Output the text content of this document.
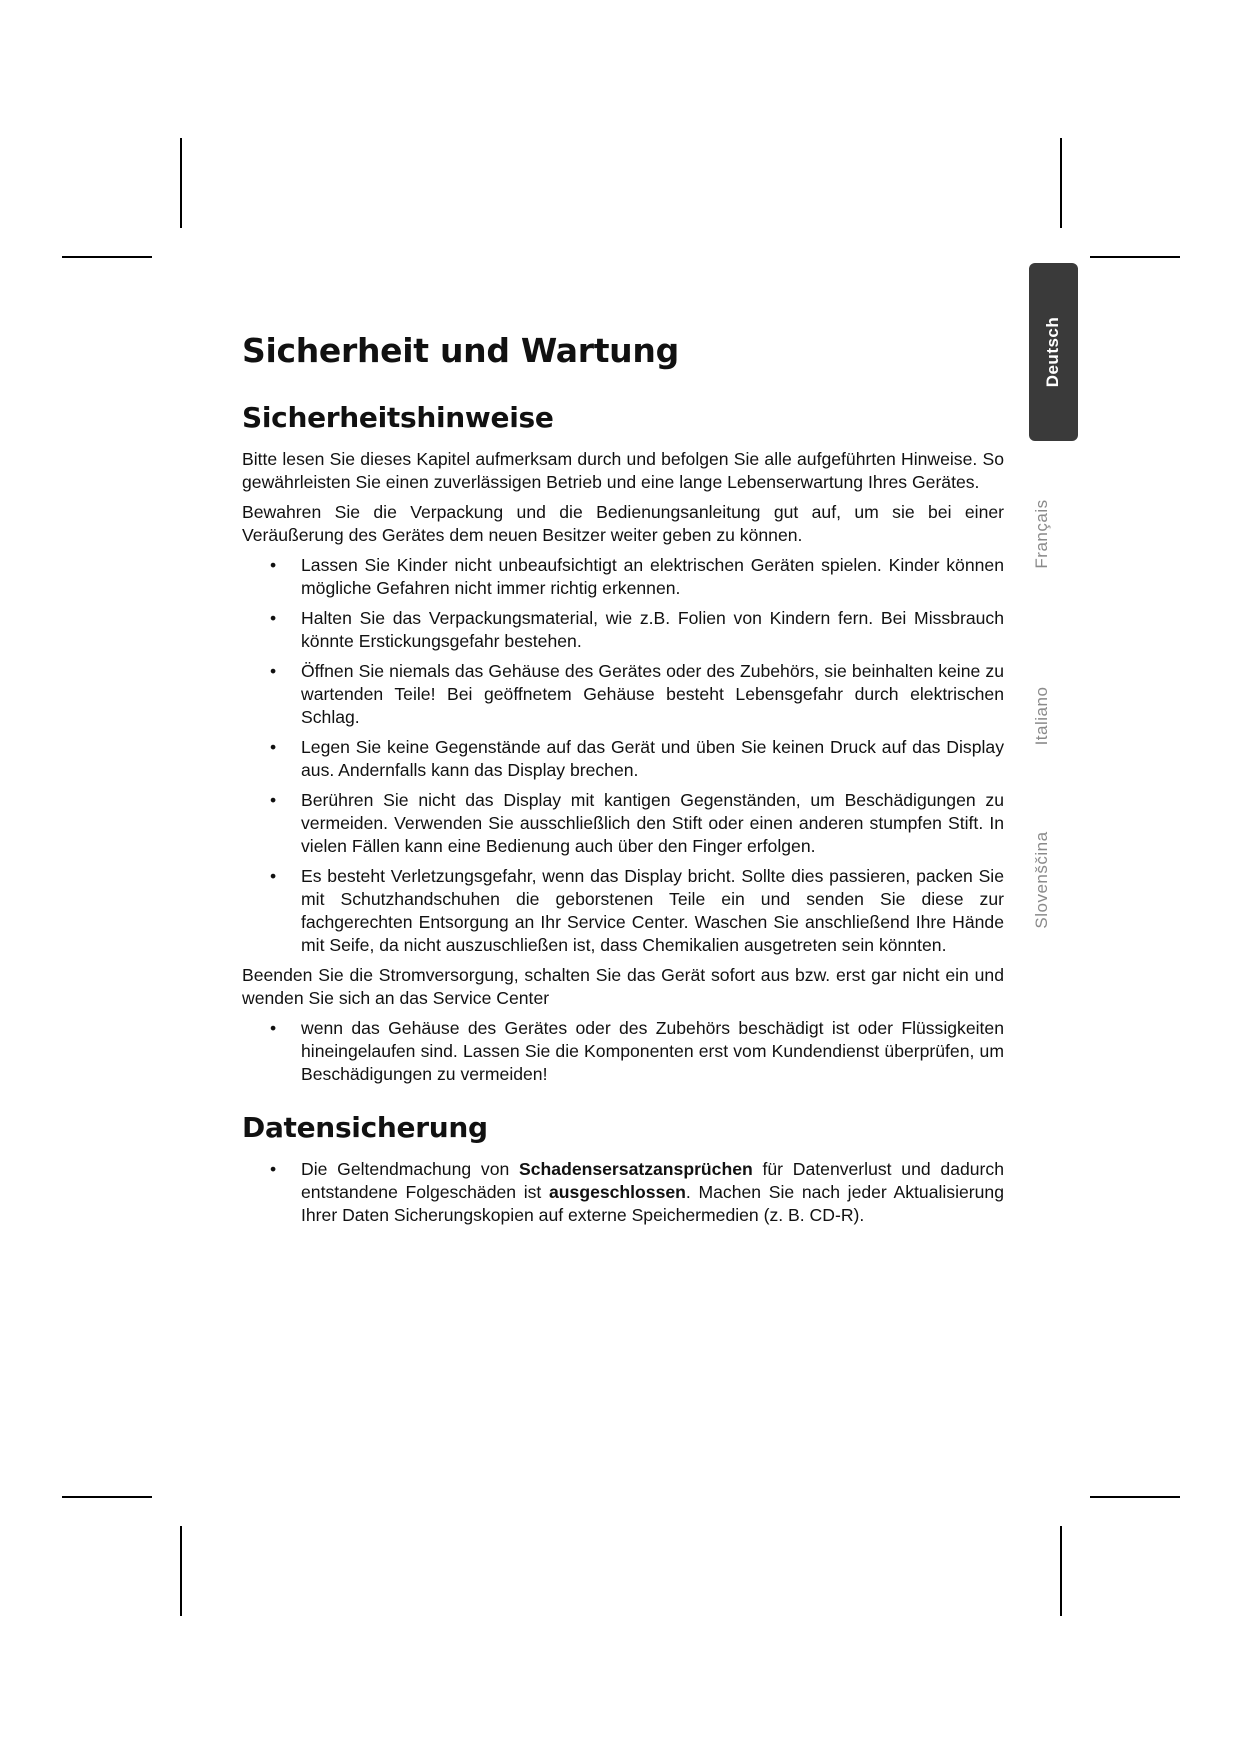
Deutsch
Français
Italiano
Slovenščina
Sicherheit und Wartung
Sicherheitshinweise

Bitte lesen Sie dieses Kapitel aufmerksam durch und befolgen Sie alle aufgeführten Hinweise. So gewährleisten Sie einen zuverlässigen Betrieb und eine lange Lebenserwartung Ihres Gerätes.

Bewahren Sie die Verpackung und die Bedienungsanleitung gut auf, um sie bei einer Veräußerung des Gerätes dem neuen Besitzer weiter geben zu können.

• Lassen Sie Kinder nicht unbeaufsichtigt an elektrischen Geräten spielen. Kinder können mögliche Gefahren nicht immer richtig erkennen.
• Halten Sie das Verpackungsmaterial, wie z.B. Folien von Kindern fern. Bei Missbrauch könnte Erstickungsgefahr bestehen.
• Öffnen Sie niemals das Gehäuse des Gerätes oder des Zubehörs, sie beinhalten keine zu wartenden Teile! Bei geöffnetem Gehäuse besteht Lebensgefahr durch elektrischen Schlag.
• Legen Sie keine Gegenstände auf das Gerät und üben Sie keinen Druck auf das Display aus. Andernfalls kann das Display brechen.
• Berühren Sie nicht das Display mit kantigen Gegenständen, um Beschädigungen zu vermeiden. Verwenden Sie ausschließlich den Stift oder einen anderen stumpfen Stift. In vielen Fällen kann eine Bedienung auch über den Finger erfolgen.
• Es besteht Verletzungsgefahr, wenn das Display bricht. Sollte dies passieren, packen Sie mit Schutzhandschuhen die geborstenen Teile ein und senden Sie diese zur fachgerechten Entsorgung an Ihr Service Center. Waschen Sie anschließend Ihre Hände mit Seife, da nicht auszuschließen ist, dass Chemikalien ausgetreten sein könnten.

Beenden Sie die Stromversorgung, schalten Sie das Gerät sofort aus bzw. erst gar nicht ein und wenden Sie sich an das Service Center

• wenn das Gehäuse des Gerätes oder des Zubehörs beschädigt ist oder Flüssigkeiten hineingelaufen sind. Lassen Sie die Komponenten erst vom Kundendienst überprüfen, um Beschädigungen zu vermeiden!
Datensicherung
• Die Geltendmachung von Schadensersatzansprüchen für Datenverlust und dadurch entstandene Folgeschäden ist ausgeschlossen. Machen Sie nach jeder Aktualisierung Ihrer Daten Sicherungskopien auf externe Speichermedien (z. B. CD-R).
